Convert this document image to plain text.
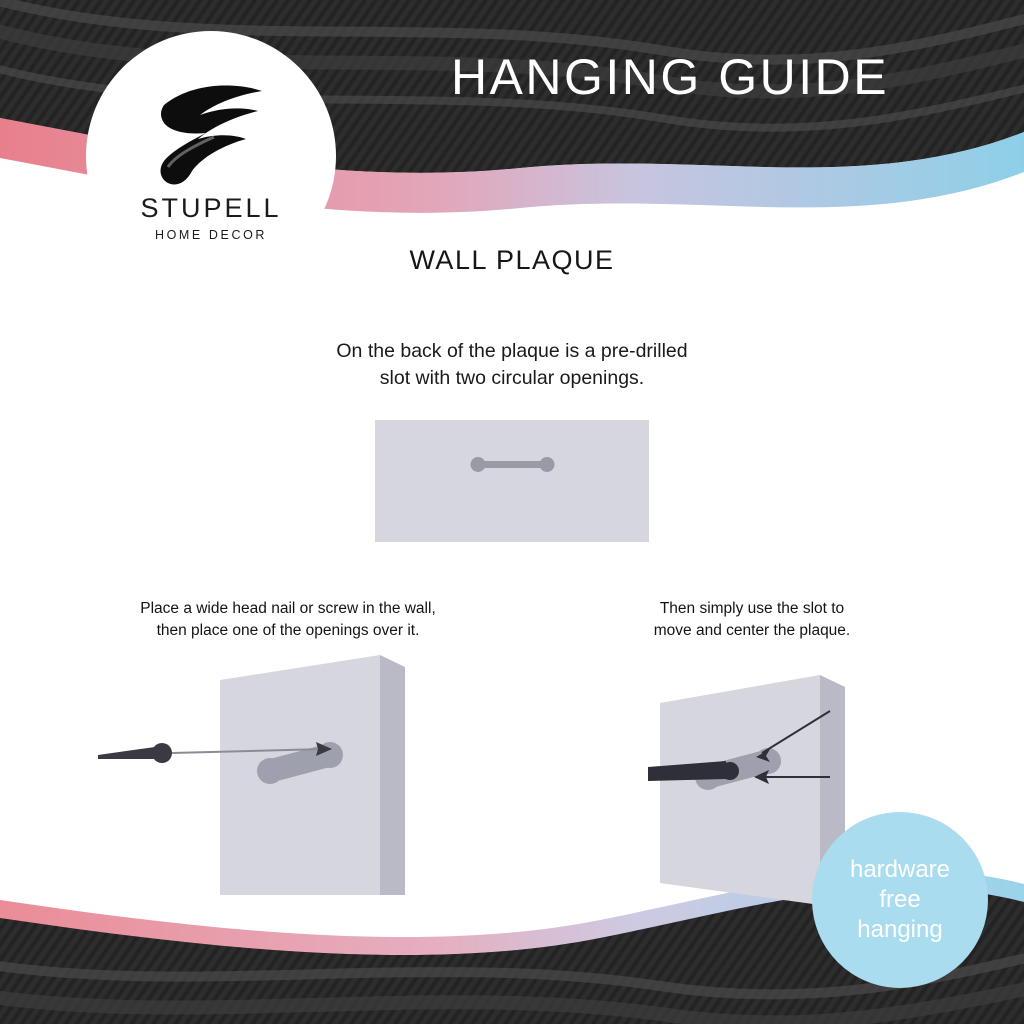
STUPELL
HOME DECOR
HANGING GUIDE
WALL PLAQUE
On the back of the plaque is a pre-drilled
slot with two circular openings.
Place a wide head nail or screw in the wall,
then place one of the openings over it.
Then simply use the slot to
move and center the plaque.
hardware
free
hanging
